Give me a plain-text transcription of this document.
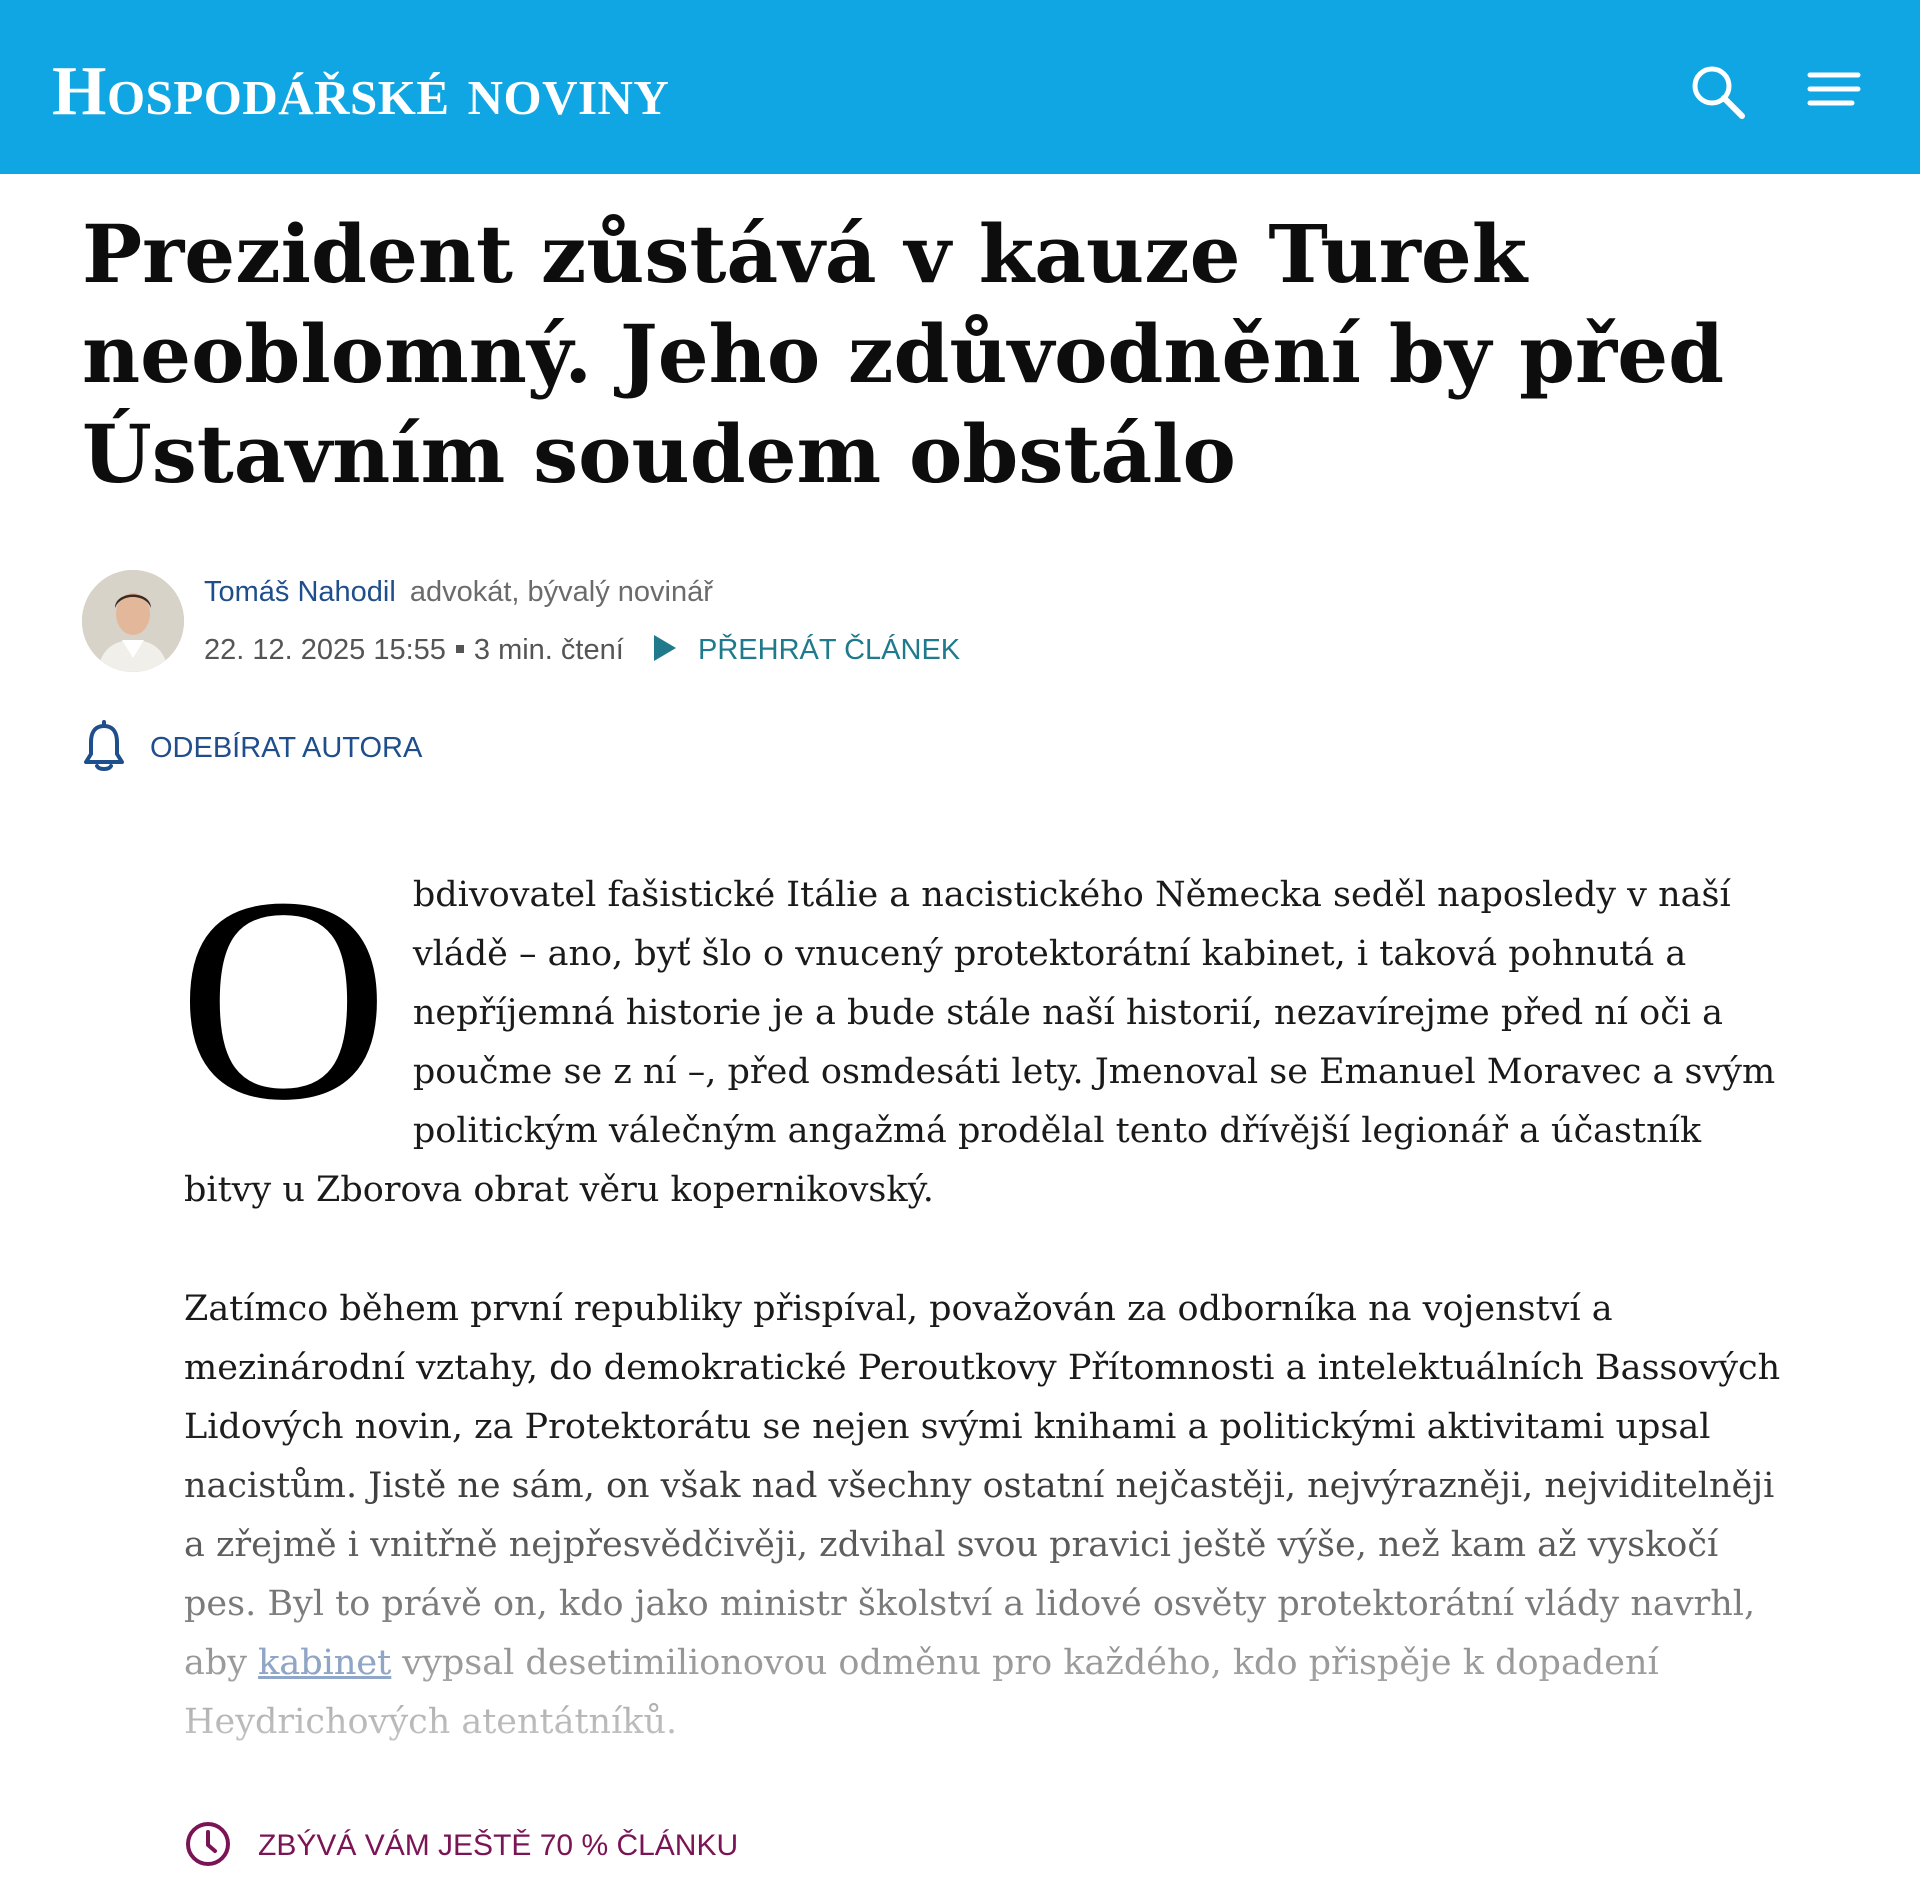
Hospodářské noviny
Prezident zůstává v kauze Turek neoblomný. Jeho zdůvodnění by před Ústavním soudem obstálo
Tomáš Nahodil advokát, bývalý novinář
22. 12. 2025 15:55 3 min. čtení	PŘEHRÁT ČLÁNEK
ODEBÍRAT AUTORA

Obdivovatel fašistické Itálie a nacistického Německa seděl naposledy v naší vládě – ano, byť šlo o vnucený protektorátní kabinet, i taková pohnutá a nepříjemná historie je a bude stále naší historií, nezavírejme před ní oči a poučme se z ní –, před osmdesáti lety. Jmenoval se Emanuel Moravec a svým politickým válečným angažmá prodělal tento dřívější legionář a účastník bitvy u Zborova obrat věru kopernikovský.

Zatímco během první republiky přispíval, považován za odborníka na vojenství a mezinárodní vztahy, do demokratické Peroutkovy Přítomnosti a intelektuálních Bassových Lidových novin, za Protektorátu se nejen svými knihami a politickými aktivitami upsal nacistům. Jistě ne sám, on však nad všechny ostatní nejčastěji, nejvýrazněji, nejviditelněji a zřejmě i vnitřně nejpřesvědčivěji, zdvihal svou pravici ještě výše, než kam až vyskočí pes. Byl to právě on, kdo jako ministr školství a lidové osvěty protektorátní vlády navrhl, aby kabinet vypsal desetimilionovou odměnu pro každého, kdo přispěje k dopadení Heydrichových atentátníků.

ZBÝVÁ VÁM JEŠTĚ 70 % ČLÁNKU
